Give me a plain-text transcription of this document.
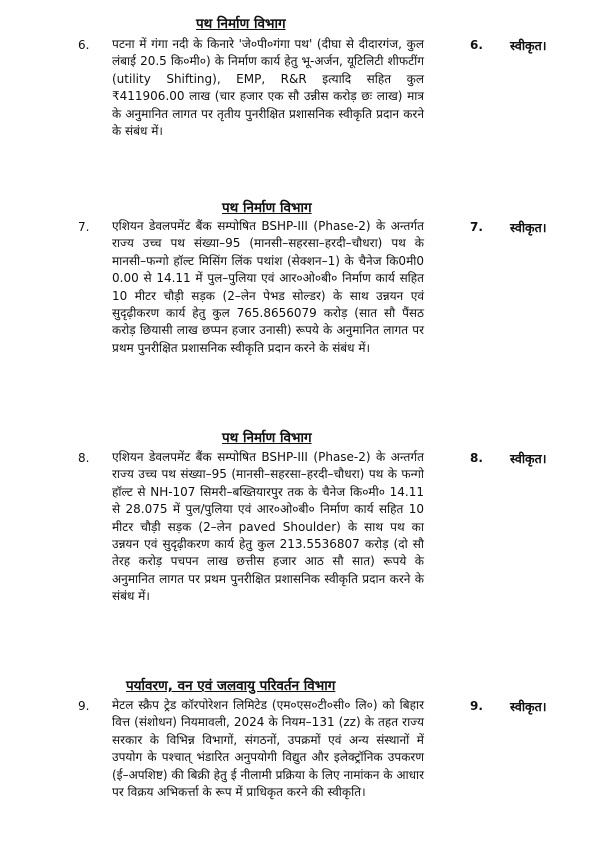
पथ निर्माण विभाग
6. पटना में गंगा नदी के किनारे 'जे०पी०गंगा पथ' (दीघा से दीदारगंज, कुल लंबाई 20.5 कि०मी०) के निर्माण कार्य हेतु भू-अर्जन, यूटिलिटी शीफटींग (utility Shifting), EMP, R&R इत्यादि सहित कुल ₹411906.00 लाख (चार हजार एक सौ उन्नीस करोड़ छः लाख) मात्र के अनुमानित लागत पर तृतीय पुनरीक्षित प्रशासनिक स्वीकृति प्रदान करने के संबंध में।
6. स्वीकृत।
पथ निर्माण विभाग
7. एशियन डेवलपमेंट बैंक सम्पोषित BSHP-III (Phase-2) के अन्तर्गत राज्य उच्च पथ संख्या–95 (मानसी–सहरसा–हरदी–चौधरा) पथ के मानसी–फन्गो हॉल्ट मिसिंग लिंक पथांश (सेक्शन–1) के चैनेज कि0मी0 0.00 से 14.11 में पुल–पुलिया एवं आर०ओ०बी० निर्माण कार्य सहित 10 मीटर चौड़ी सड़क (2–लेन पेभड सोल्डर) के साथ उन्नयन एवं सुदृढ़ीकरण कार्य हेतु कुल 765.8656079 करोड़ (सात सौ पैंसठ करोड़ छियासी लाख छप्पन हजार उनासी) रूपये के अनुमानित लागत पर प्रथम पुनरीक्षित प्रशासनिक स्वीकृति प्रदान करने के संबंध में।
7. स्वीकृत।
पथ निर्माण विभाग
8. एशियन डेवलपमेंट बैंक सम्पोषित BSHP-III (Phase-2) के अन्तर्गत राज्य उच्च पथ संख्या–95 (मानसी–सहरसा–हरदी–चौधरा) पथ के फन्गो हॉल्ट से NH-107 सिमरी–बख्तियारपुर तक के चैनेज कि०मी० 14.11 से 28.075 में पुल/पुलिया एवं आर०ओ०बी० निर्माण कार्य सहित 10 मीटर चौड़ी सड़क (2–लेन paved Shoulder) के साथ पथ का उन्नयन एवं सुदृढ़ीकरण कार्य हेतु कुल 213.5536807 करोड़ (दो सौ तेरह करोड़ पचपन लाख छत्तीस हजार आठ सौ सात) रूपये के अनुमानित लागत पर प्रथम पुनरीक्षित प्रशासनिक स्वीकृति प्रदान करने के संबंध में।
8. स्वीकृत।
पर्यावरण, वन एवं जलवायु परिवर्तन विभाग
9. मेटल स्क्रैप ट्रेड कॉरपोरेशन लिमिटेड (एम०एस०टी०सी० लि०) को बिहार वित्त (संशोधन) नियमावली, 2024 के नियम–131 (zz) के तहत राज्य सरकार के विभिन्न विभागों, संगठनों, उपक्रमों एवं अन्य संस्थानों में उपयोग के पश्चात् भंडारित अनुपयोगी विद्युत और इलेक्ट्रॉनिक उपकरण (ई–अपशिष्ट) की बिक्री हेतु ई नीलामी प्रक्रिया के लिए नामांकन के आधार पर विक्रय अभिकर्त्ता के रूप में प्राधिकृत करने की स्वीकृति।
9. स्वीकृत।
